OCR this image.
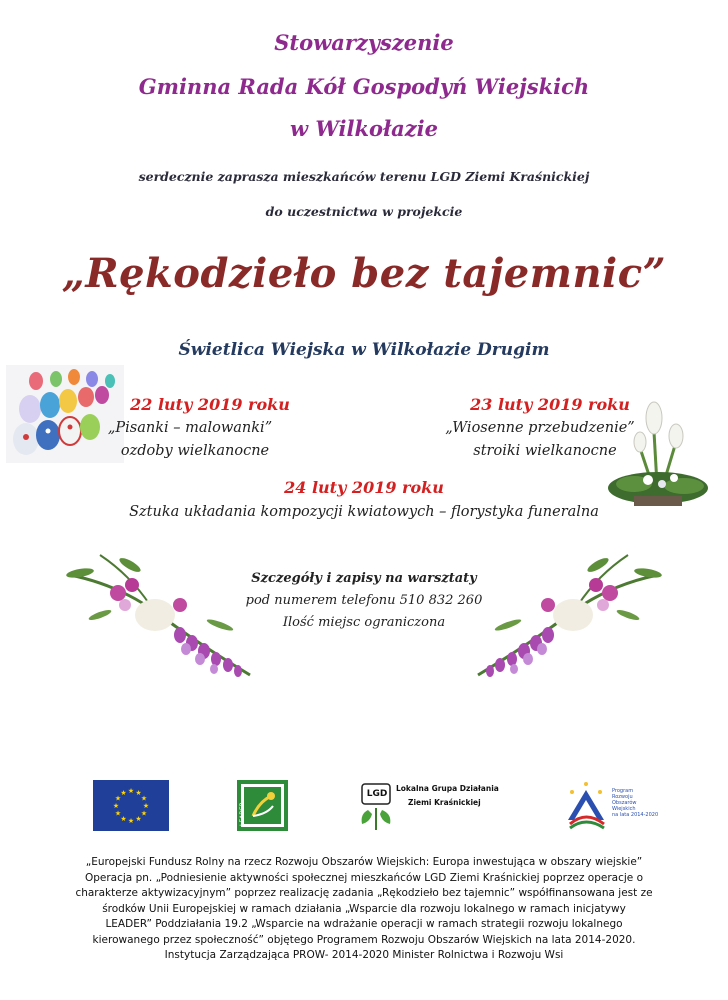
Stowarzyszenie
Gminna Rada Kół Gospodyń Wiejskich
w Wilkołazie
serdecznie zaprasza mieszkańców terenu LGD Ziemi Kraśnickiej
do uczestnictwa w projekcie
„Rękodzieło bez tajemnic”
Świetlica Wiejska w Wilkołazie Drugim
22 luty 2019 roku
„Pisanki – malowanki”
ozdoby wielkanocne
23 luty 2019 roku
„Wiosenne przebudzenie”
stroiki wielkanocne
24 luty 2019 roku
Sztuka układania kompozycji kwiatowych – florystyka funeralna
Szczegóły i zapisy na warsztaty
pod numerem telefonu 510 832 260
Ilość miejsc ograniczona
★ ★
★
★
★
★
★
★
★
★
★
★
LEADER
LGD
Lokalna Grupa Działania
Ziemi Kraśnickiej
Program
Rozwoju
Obszarów
Wiejskich
na lata 2014-2020
„Europejski Fundusz Rolny na rzecz Rozwoju Obszarów Wiejskich: Europa inwestująca w obszary wiejskie”
Operacja pn. „Podniesienie aktywności społecznej mieszkańców LGD Ziemi Kraśnickiej poprzez operacje o
charakterze aktywizacyjnym” poprzez realizację zadania „Rękodzieło bez tajemnic” współfinansowana jest ze
środków Unii Europejskiej w ramach działania „Wsparcie dla rozwoju lokalnego w ramach inicjatywy
LEADER” Poddziałania 19.2 „Wsparcie na wdrażanie operacji w ramach strategii rozwoju lokalnego
kierowanego przez społeczność” objętego Programem Rozwoju Obszarów Wiejskich na lata 2014-2020.
Instytucja Zarządzająca PROW- 2014-2020 Minister Rolnictwa i Rozwoju Wsi
